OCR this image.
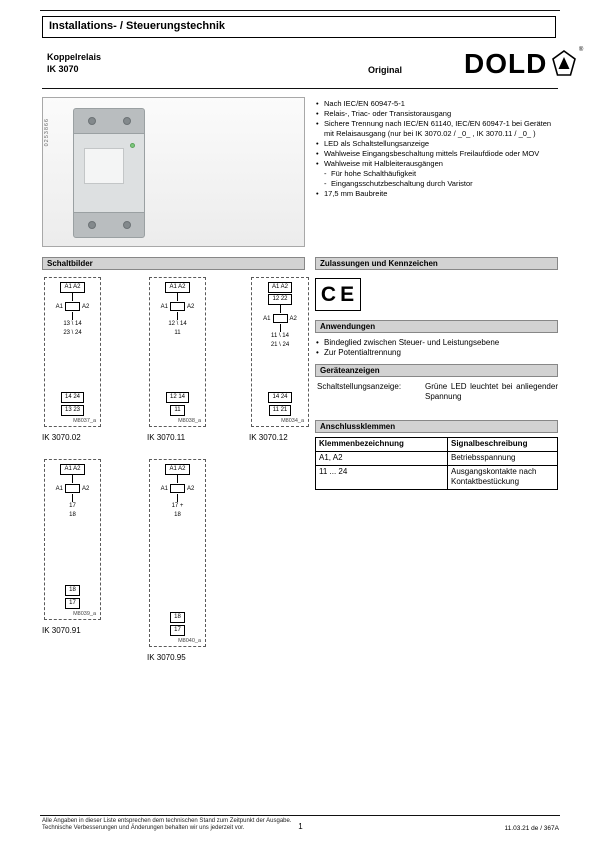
Installations- / Steuerungstechnik
Koppelrelais
IK 3070	Original DOLD	®
0253866
• Nach IEC/EN 60947-5-1
• Relais-, Triac- oder Transistorausgang
• Sichere Trennung nach IEC/EN 61140, IEC/EN 60947-1 bei Geräten mit Relaisausgang (nur bei IK 3070.02 / _0_ , IK 3070.11 / _0_ )
• LED als Schaltstellungsanzeige
• Wahlweise Eingangsbeschaltung mittels Freilaufdiode oder MOV
• Wahlweise mit Halbleiterausgängen
- Für hohe Schalthäufigkeit
- Eingangsschutzbeschaltung durch Varistor
• 17,5 mm Baubreite
Schaltbilder	Zulassungen und Kennzeichen
Anwendungen
Geräteanzeigen
Anschlussklemmen
CE
• Bindeglied zwischen Steuer- und Leistungsebene
• Zur Potentialtrennung
Schaltstellungsanzeige:	Grüne LED leuchtet bei anliegender Spannung
Klemmenbezeichnung	Signalbeschreibung
A1, A2	Betriebsspannung
11 ... 24	Ausgangskontakte nach Kontaktbestückung
A1 A2
A1	A2
13 \ 14
23 \ 24
14 24
13 23
M8037_a
IK 3070.02
A1 A2
A1	A2
12 \ 14
11
12 14
11
M8038_a
IK 3070.11
A1 A2
12 22
A1	A2
11 \ 14
21 \ 24
14 24
11 21
M8034_a
IK 3070.12
A1 A2
A1	A2
17
18
18
17
M8039_a
IK 3070.91
A1 A2
A1	A2
17 +
18
18
17
M8040_a
IK 3070.95
Alle Angaben in dieser Liste entsprechen dem technischen Stand zum Zeitpunkt der Ausgabe.
Technische Verbesserungen und Änderungen behalten wir uns jederzeit vor.	1	11.03.21 de / 367A
